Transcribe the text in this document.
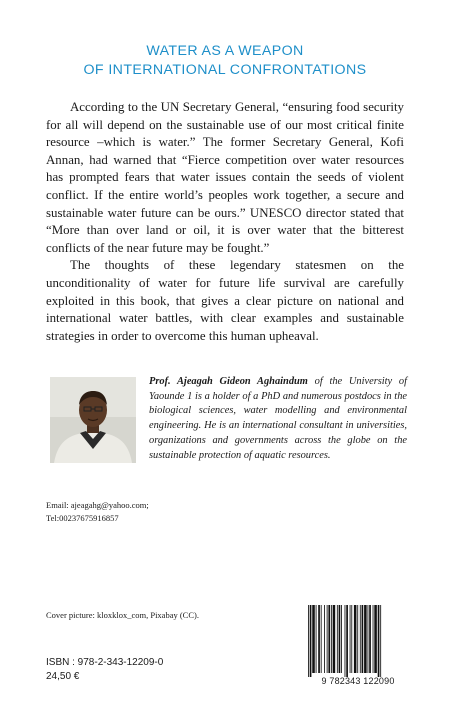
WATER AS A WEAPON
OF INTERNATIONAL CONFRONTATIONS

According to the UN Secretary General, “ensuring food security for all will depend on the sustainable use of our most critical finite resource –which is water.” The former Secretary General, Kofi Annan, had warned that “Fierce competition over water resources has prompted fears that water issues contain the seeds of violent conflict. If the entire world’s peoples work together, a secure and sustainable water future can be ours.” UNESCO director stated that “More than over land or oil, it is over water that the bitterest conflicts of the near future may be fought.”

The thoughts of these legendary statesmen on the unconditionality of water for future life survival are carefully exploited in this book, that gives a clear picture on national and international water battles, with clear examples and sustainable strategies in order to overcome this human upheaval.

Prof. Ajeagah Gideon Aghaindum of the University of Yaounde 1 is a holder of a PhD and numerous postdocs in the biological sciences, water modelling and environmental engineering. He is an international consultant in universities, organizations and governments across the globe on the sustainable protection of aquatic resources.
Email: ajeagahg@yahoo.com;
Tel:00237675916857
Cover picture: kloxklox_com, Pixabay (CC).
ISBN : 978-2-343-12209-0
24,50 €	9 782343 122090
